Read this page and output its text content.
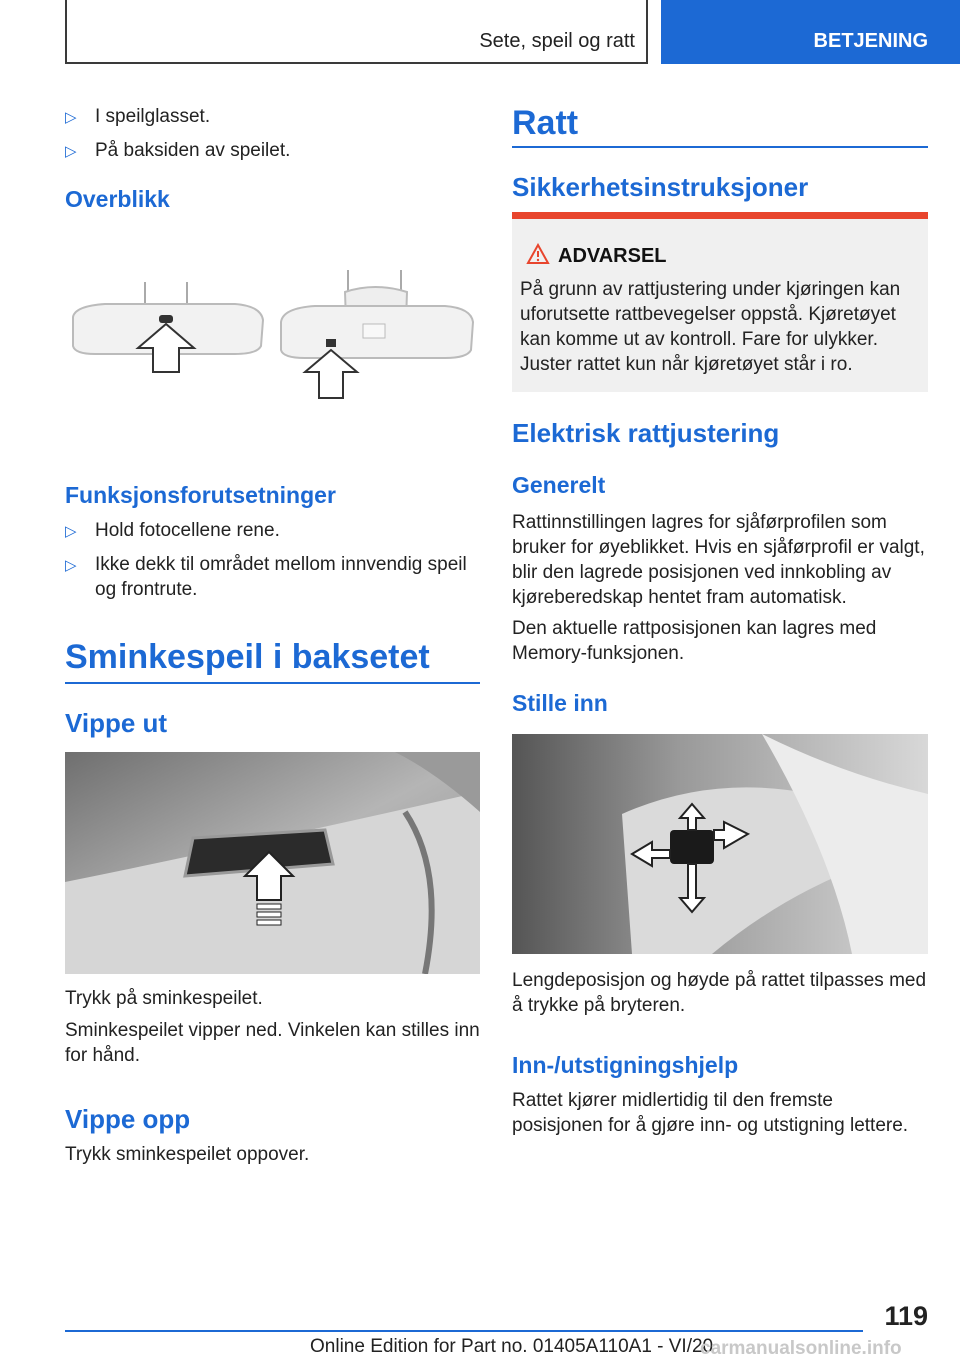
Sete, speil og ratt	BETJENING
▷ I speilglasset.
▷ På baksiden av speilet.
Overblikk
Funksjonsforutsetninger
▷ Hold fotocellene rene.
▷ Ikke dekk til området mellom innvendig speil og frontrute.
Sminkespeil i baksetet
Vippe ut

Trykk på sminkespeilet.

Sminkespeilet vipper ned. Vinkelen kan stilles inn for hånd.

Vippe opp

Trykk sminkespeilet oppover.

Ratt
Sikkerhetsinstruksjoner
ADVARSEL
På grunn av rattjustering under kjøringen kan uforutsette rattbevegelser oppstå. Kjøretøyet kan komme ut av kontroll. Fare for ulykker. Juster rattet kun når kjøretøyet står i ro.
Elektrisk rattjustering
Generelt

Rattinnstillingen lagres for sjåførprofilen som bruker for øyeblikket. Hvis en sjåførprofil er valgt, blir den lagrede posisjonen ved innkobling av kjøreberedskap hentet fram automatisk.

Den aktuelle rattposisjonen kan lagres med Memory-funksjonen.

Stille inn

Lengdeposisjon og høyde på rattet tilpasses med å trykke på bryteren.

Inn-/utstigningshjelp

Rattet kjører midlertidig til den fremste posisjonen for å gjøre inn- og utstigning lettere.

119
Online Edition for Part no. 01405A110A1 - VI/20
carmanualsonline.info
